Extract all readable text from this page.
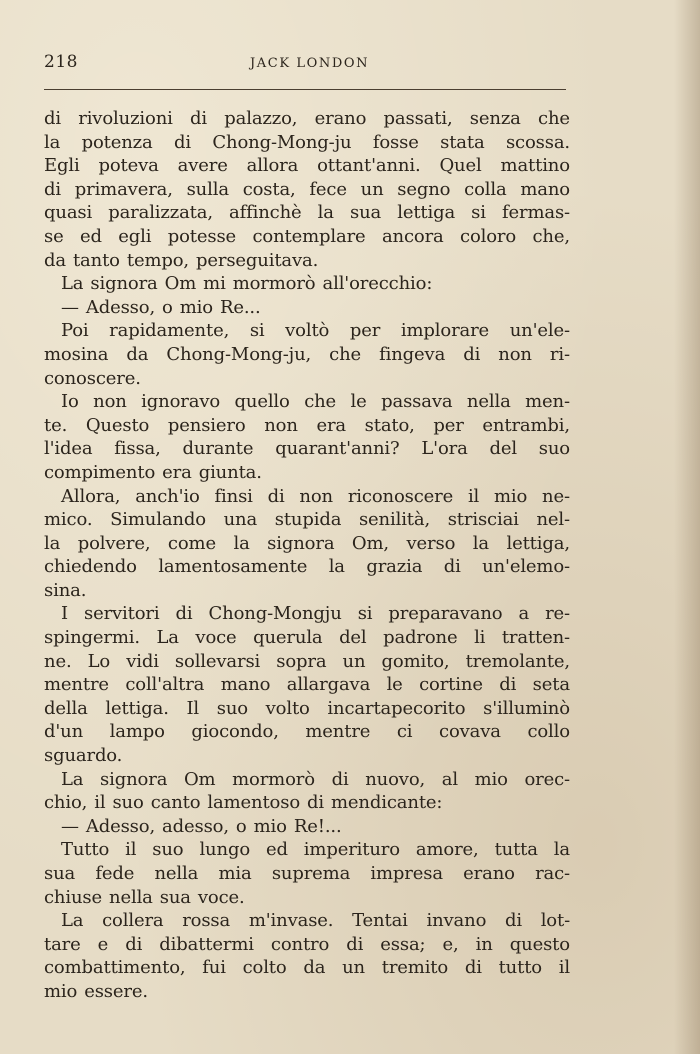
218	JACK LONDON
di rivoluzioni di palazzo, erano passati, senza che
la potenza di Chong-Mong-ju fosse stata scossa.
Egli poteva avere allora ottant'anni. Quel mattino
di primavera, sulla costa, fece un segno colla mano
quasi paralizzata, affinchè la sua lettiga si fermas-
se ed egli potesse contemplare ancora coloro che,
da tanto tempo, perseguitava.
La signora Om mi mormorò all'orecchio:
— Adesso, o mio Re...
Poi rapidamente, si voltò per implorare un'ele-
mosina da Chong-Mong-ju, che fingeva di non ri-
conoscere.
Io non ignoravo quello che le passava nella men-
te. Questo pensiero non era stato, per entrambi,
l'idea fissa, durante quarant'anni? L'ora del suo
compimento era giunta.
Allora, anch'io finsi di non riconoscere il mio ne-
mico. Simulando una stupida senilità, strisciai nel-
la polvere, come la signora Om, verso la lettiga,
chiedendo lamentosamente la grazia di un'elemo-
sina.
I servitori di Chong-Mongju si preparavano a re-
spingermi. La voce querula del padrone li tratten-
ne. Lo vidi sollevarsi sopra un gomito, tremolante,
mentre coll'altra mano allargava le cortine di seta
della lettiga. Il suo volto incartapecorito s'illuminò
d'un lampo giocondo, mentre ci covava collo
sguardo.
La signora Om mormorò di nuovo, al mio orec-
chio, il suo canto lamentoso di mendicante:
— Adesso, adesso, o mio Re!...
Tutto il suo lungo ed imperituro amore, tutta la
sua fede nella mia suprema impresa erano rac-
chiuse nella sua voce.
La collera rossa m'invase. Tentai invano di lot-
tare e di dibattermi contro di essa; e, in questo
combattimento, fui colto da un tremito di tutto il
mio essere.
